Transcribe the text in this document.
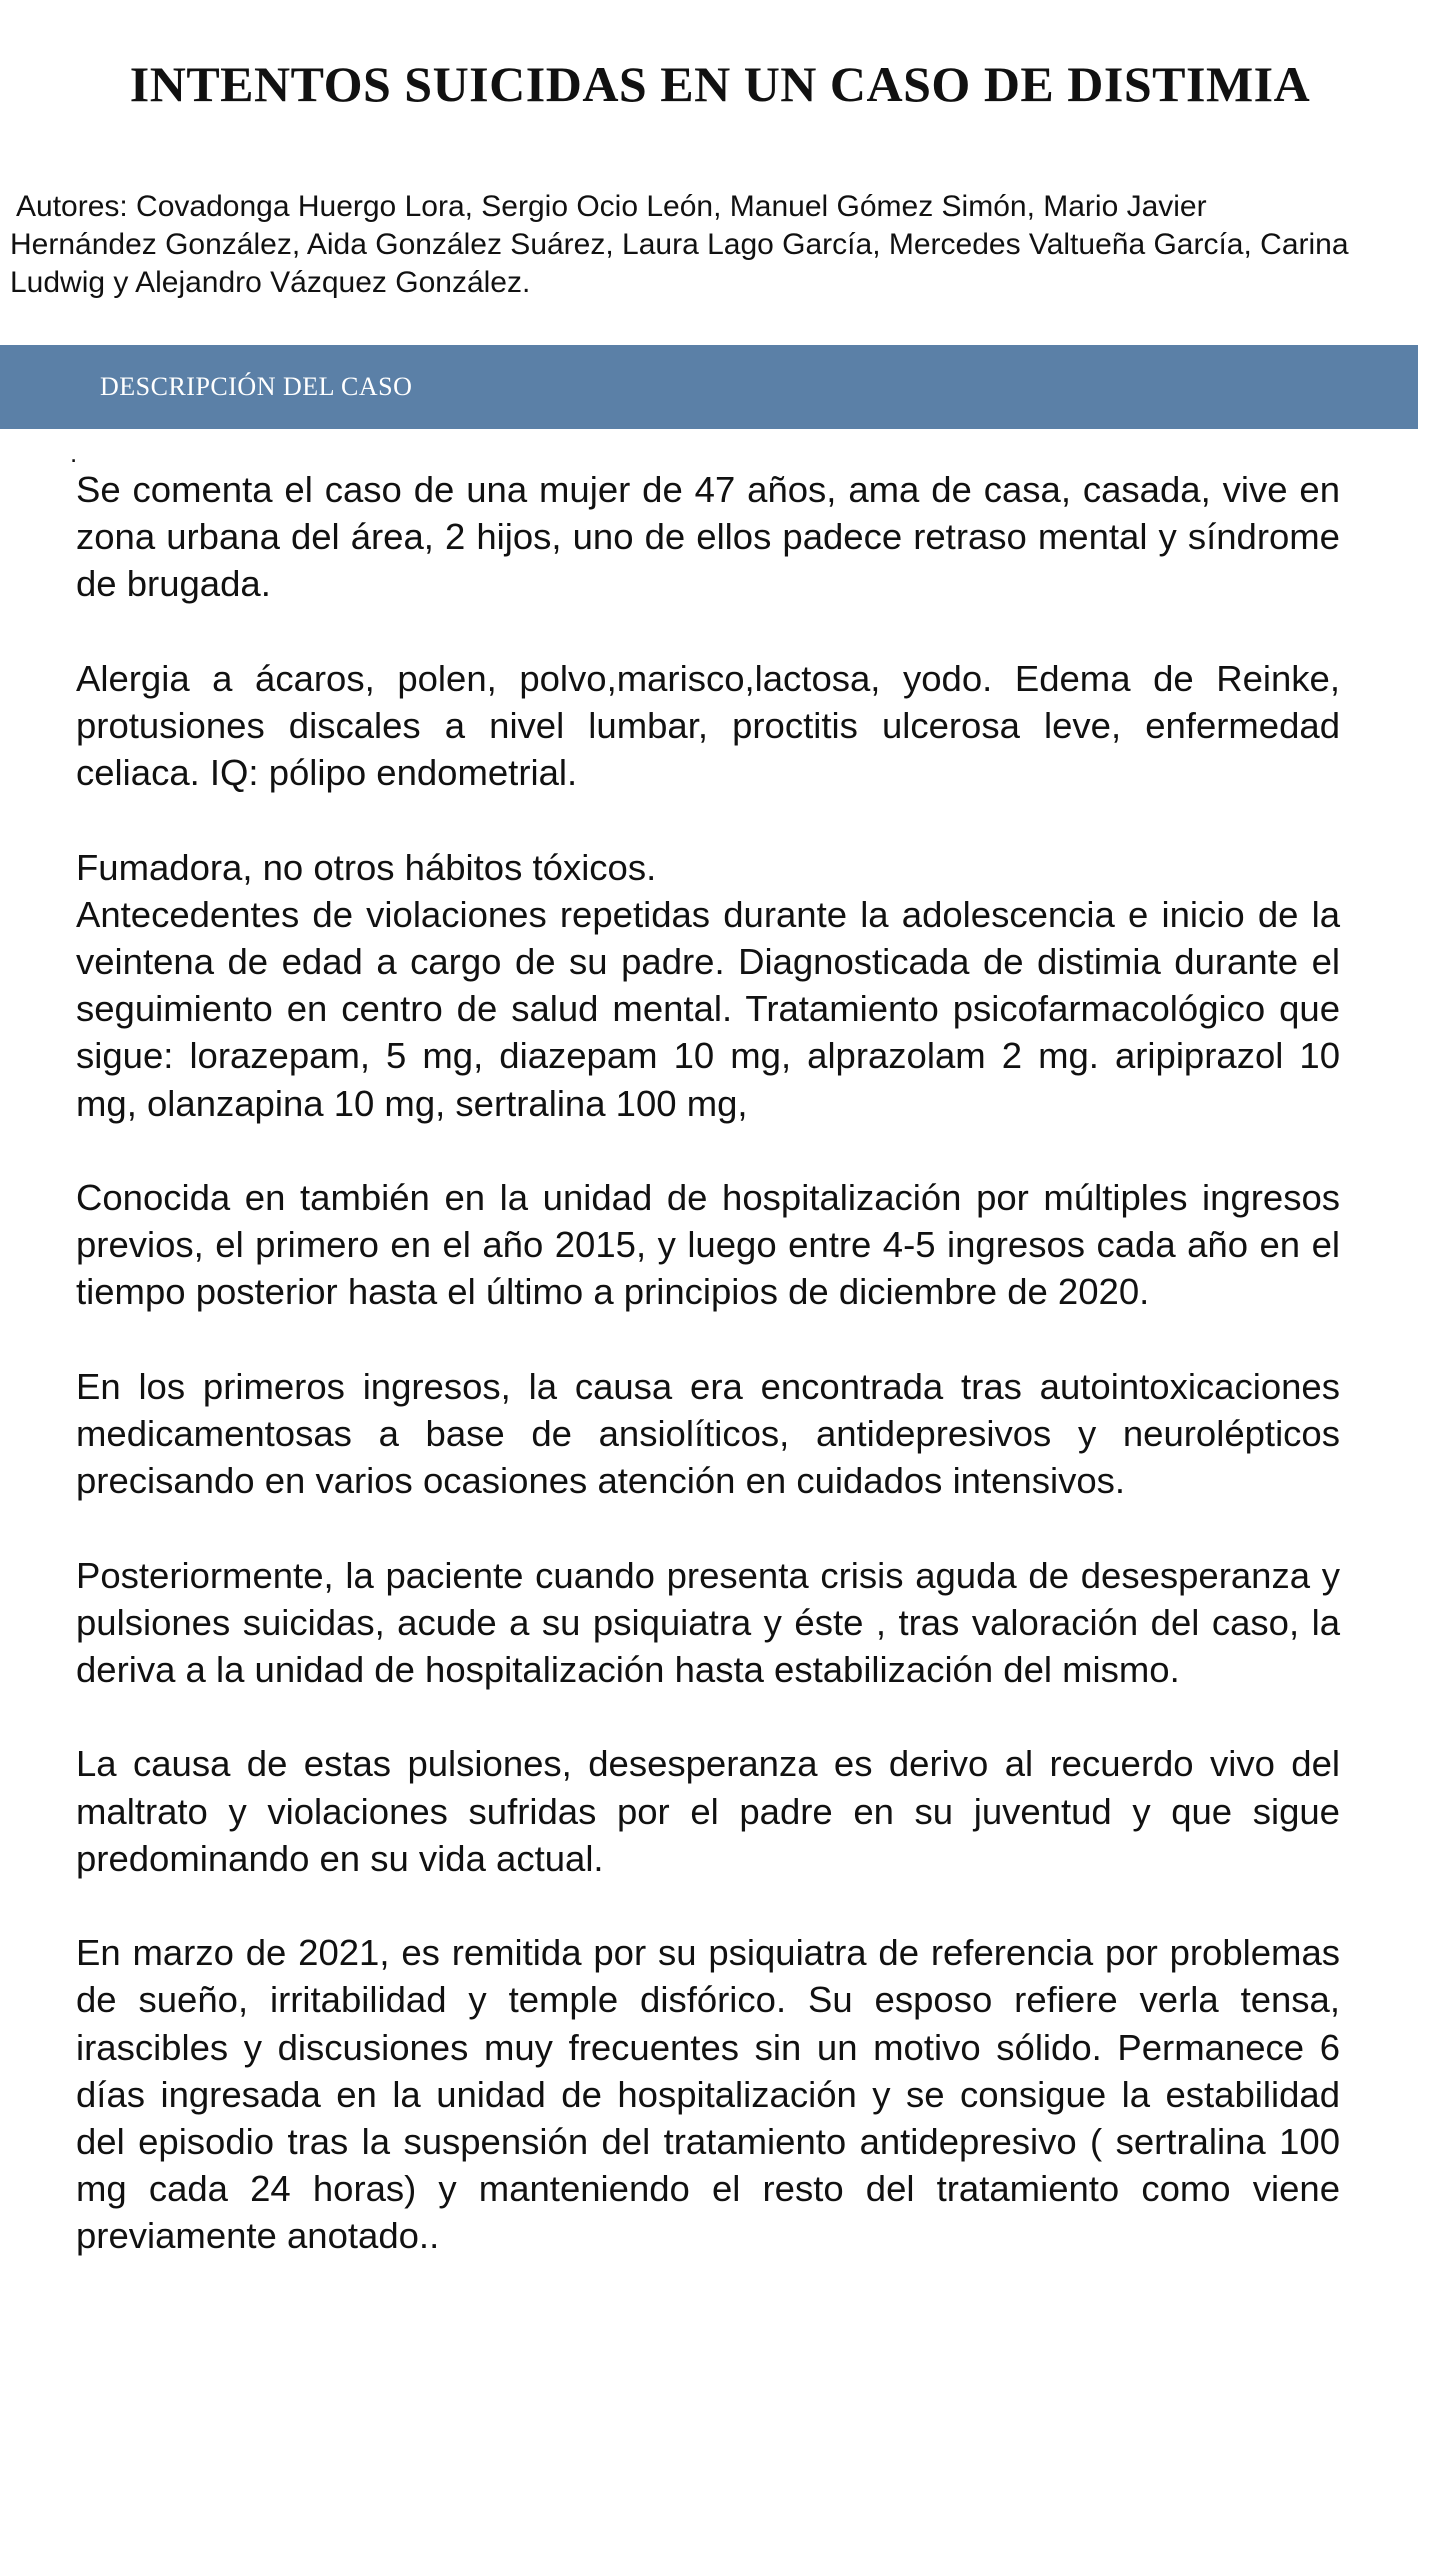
INTENTOS SUICIDAS EN UN CASO DE DISTIMIA

Autores: Covadonga Huergo Lora, Sergio Ocio León, Manuel Gómez Simón, Mario Javier Hernández González, Aida González Suárez, Laura Lago García, Mercedes Valtueña García, Carina Ludwig y Alejandro Vázquez González.

DESCRIPCIÓN DEL CASO
.

Se comenta el caso de una mujer de 47 años, ama de casa, casada, vive en zona urbana del área, 2 hijos, uno de ellos padece retraso mental y síndrome de brugada.

Alergia a ácaros, polen, polvo,marisco,lactosa, yodo. Edema de Reinke, protusiones discales a nivel lumbar, proctitis ulcerosa leve, enfermedad celiaca. IQ: pólipo endometrial.

Fumadora, no otros hábitos tóxicos.

Antecedentes de violaciones repetidas durante la adolescencia e inicio de la veintena de edad a cargo de su padre. Diagnosticada de distimia durante el seguimiento en centro de salud mental. Tratamiento psicofarmacológico que sigue: lorazepam, 5 mg, diazepam 10 mg, alprazolam 2 mg. aripiprazol 10 mg, olanzapina 10 mg, sertralina 100 mg,

Conocida en también en la unidad de hospitalización por múltiples ingresos previos, el primero en el año 2015, y luego entre 4-5 ingresos cada año en el tiempo posterior hasta el último a principios de diciembre de 2020.

En los primeros ingresos, la causa era encontrada tras autointoxicaciones medicamentosas a base de ansiolíticos, antidepresivos y neurolépticos precisando en varios ocasiones atención en cuidados intensivos.

Posteriormente, la paciente cuando presenta crisis aguda de desesperanza y pulsiones suicidas, acude a su psiquiatra y éste , tras valoración del caso, la deriva a la unidad de hospitalización hasta estabilización del mismo.

La causa de estas pulsiones, desesperanza es derivo al recuerdo vivo del maltrato y violaciones sufridas por el padre en su juventud y que sigue predominando en su vida actual.

En marzo de 2021, es remitida por su psiquiatra de referencia por problemas de sueño, irritabilidad y temple disfórico. Su esposo refiere verla tensa, irascibles y discusiones muy frecuentes sin un motivo sólido. Permanece 6 días ingresada en la unidad de hospitalización y se consigue la estabilidad del episodio tras la suspensión del tratamiento antidepresivo ( sertralina 100 mg cada 24 horas) y manteniendo el resto del tratamiento como viene previamente anotado..
